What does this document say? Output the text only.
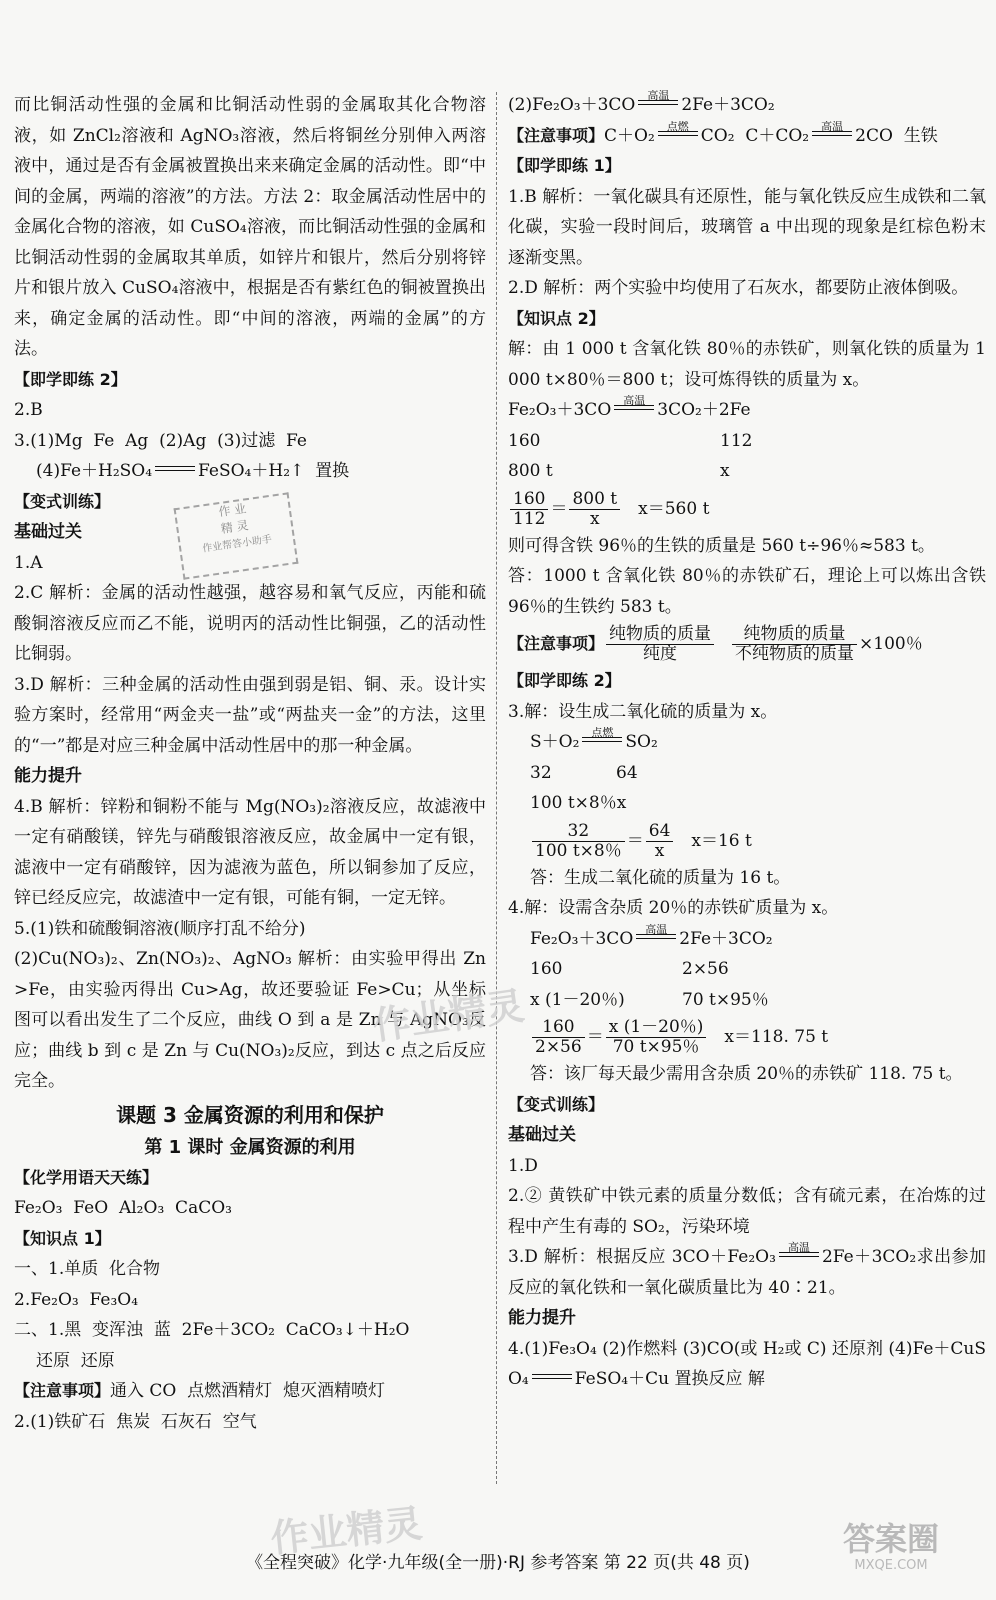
而比铜活动性强的金属和比铜活动性弱的金属取其化合物溶液，如 ZnCl₂溶液和 AgNO₃溶液，然后将铜丝分别伸入两溶液中，通过是否有金属被置换出来来确定金属的活动性。即“中间的金属，两端的溶液”的方法。方法 2：取金属活动性居中的金属化合物的溶液，如 CuSO₄溶液，而比铜活动性强的金属和比铜活动性弱的金属取其单质，如锌片和银片，然后分别将锌片和银片放入 CuSO₄溶液中，根据是否有紫红色的铜被置换出来，确定金属的活动性。即“中间的溶液，两端的金属”的方法。
【即学即练 2】
2.B
3.(1)Mg  Fe  Ag  (2)Ag  (3)过滤  Fe
(4)Fe＋H₂SO₄	FeSO₄＋H₂↑  置换
【变式训练】
基础过关
1.A
2.C 解析：金属的活动性越强，越容易和氧气反应，丙能和硫酸铜溶液反应而乙不能，说明丙的活动性比铜强，乙的活动性比铜弱。
3.D 解析：三种金属的活动性由强到弱是铝、铜、汞。设计实验方案时，经常用“两金夹一盐”或“两盐夹一金”的方法，这里的“一”都是对应三种金属中活动性居中的那一种金属。
能力提升
4.B 解析：锌粉和铜粉不能与 Mg(NO₃)₂溶液反应，故滤液中一定有硝酸镁，锌先与硝酸银溶液反应，故金属中一定有银，滤液中一定有硝酸锌，因为滤液为蓝色，所以铜参加了反应，锌已经反应完，故滤渣中一定有银，可能有铜，一定无锌。
5.(1)铁和硫酸铜溶液(顺序打乱不给分)
(2)Cu(NO₃)₂、Zn(NO₃)₂、AgNO₃ 解析：由实验甲得出 Zn>Fe，由实验丙得出 Cu>Ag，故还要验证 Fe>Cu；从坐标图可以看出发生了二个反应，曲线 O 到 a 是 Zn 与 AgNO₃反应；曲线 b 到 c 是 Zn 与 Cu(NO₃)₂反应，到达 c 点之后反应完全。
课题 3 金属资源的利用和保护
第 1 课时 金属资源的利用
【化学用语天天练】
Fe₂O₃  FeO  Al₂O₃  CaCO₃
【知识点 1】
一、1.单质  化合物
2.Fe₂O₃  Fe₃O₄
二、1.黑  变浑浊  蓝  2Fe＋3CO₂  CaCO₃↓＋H₂O
还原  还原
【注意事项】通入 CO  点燃酒精灯  熄灭酒精喷灯
2.(1)铁矿石  焦炭  石灰石  空气
(2)Fe₂O₃＋3CO	高温 2Fe＋3CO₂
【注意事项】C＋O₂	点燃 CO₂  C＋CO₂	高温 2CO  生铁
【即学即练 1】
1.B 解析：一氧化碳具有还原性，能与氧化铁反应生成铁和二氧化碳，实验一段时间后，玻璃管 a 中出现的现象是红棕色粉末逐渐变黑。
2.D 解析：两个实验中均使用了石灰水，都要防止液体倒吸。
【知识点 2】
解：由 1 000 t 含氧化铁 80％的赤铁矿，则氧化铁的质量为 1 000 t×80％＝800 t；设可炼得铁的质量为 x。
Fe₂O₃＋3CO	高温 3CO₂＋2Fe
160	112
800 t	x
$\frac{160}{112} = \frac{800 t}{x} x=560$ t
则可得含铁 96％的生铁的质量是 560 t÷96％≈583 t。
答：1000 t 含氧化铁 80％的赤铁矿石，理论上可以炼出含铁 96％的生铁约 583 t。
【注意事项】 $\frac{\text{纯物质的质量}}{\text{纯度}} \frac{\text{纯物质的质量}}{\text{不纯物质的质量}} \times 100$％
【即学即练 2】
3.解：设生成二氧化硫的质量为 x。
S＋O₂	点燃 SO₂
32	64
100 t×8％x
$\frac{32}{100 t\times 8\%} = \frac{64}{x} x=16$ t
答：生成二氧化硫的质量为 16 t。
4.解：设需含杂质 20％的赤铁矿质量为 x。
Fe₂O₃＋3CO	高温 2Fe＋3CO₂
160	2×56
x (1－20％)	70 t×95％
$\frac{160}{2\times 56} = \frac{x (1-20\%)}{70 t\times 95\%} x=118$. 75 t
答：该厂每天最少需用含杂质 20％的赤铁矿 118. 75 t。
【变式训练】
基础过关
1.D
2.② 黄铁矿中铁元素的质量分数低；含有硫元素，在冶炼的过程中产生有毒的 SO₂，污染环境
3.D 解析：根据反应 3CO＋Fe₂O₃	高温 2Fe＋3CO₂求出参加反应的氧化铁和一氧化碳质量比为 40∶21。
能力提升
4.(1)Fe₃O₄ (2)作燃料 (3)CO(或 H₂或 C) 还原剂 (4)Fe＋CuSO₄	FeSO₄＋Cu 置换反应 解
作 业
精 灵
作业帮答小助手
作业精灵
作业精灵	答案圈
MXQE.COM
《全程突破》化学·九年级(全一册)·RJ 参考答案 第 22 页(共 48 页)
